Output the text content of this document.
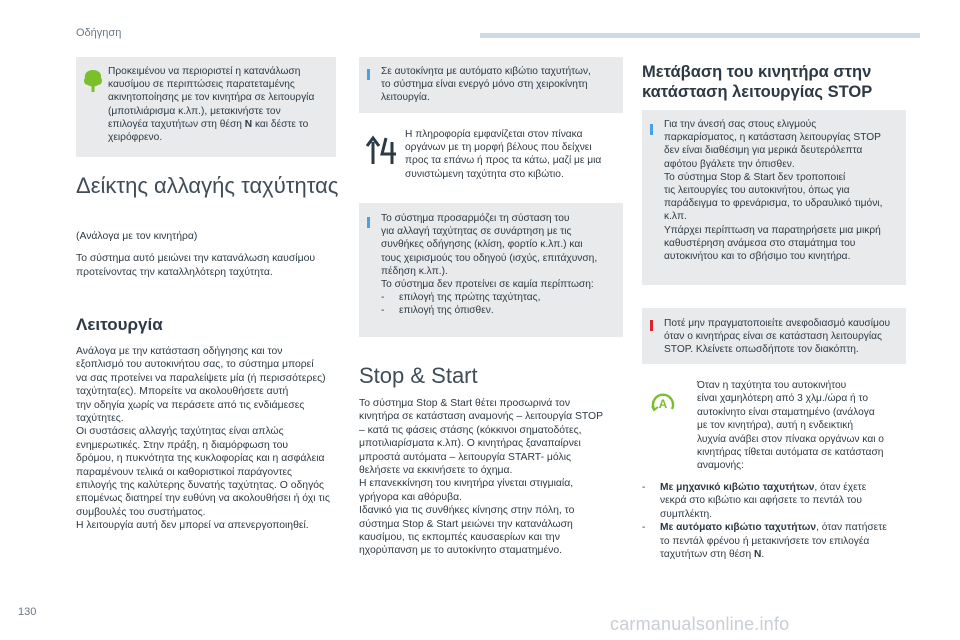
Οδήγηση
Προκειμένου να περιοριστεί η κατανάλωση
καυσίμου σε περιπτώσεις παρατεταμένης
ακινητοποίησης με τον κινητήρα σε λειτουργία
(μποτιλιάρισμα κ.λπ.), μετακινήστε τον
επιλογέα ταχυτήτων στη θέση N και δέστε το
χειρόφρενο.
Δείκτης αλλαγής ταχύτητας

(Ανάλογα με τον κινητήρα)

Το σύστημα αυτό μειώνει την κατανάλωση καυσίμου προτείνοντας την καταλληλότερη ταχύτητα.

Λειτουργία
Ανάλογα με την κατάσταση οδήγησης και τον
εξοπλισμό του αυτοκινήτου σας, το σύστημα μπορεί
να σας προτείνει να παραλείψετε μία (ή περισσότερες)
ταχύτητα(ες). Μπορείτε να ακολουθήσετε αυτή
την οδηγία χωρίς να περάσετε από τις ενδιάμεσες
ταχύτητες.
Οι συστάσεις αλλαγής ταχύτητας είναι απλώς
ενημερωτικές. Στην πράξη, η διαμόρφωση του
δρόμου, η πυκνότητα της κυκλοφορίας και η ασφάλεια
παραμένουν τελικά οι καθοριστικοί παράγοντες
επιλογής της καλύτερης δυνατής ταχύτητας. Ο οδηγός
επομένως διατηρεί την ευθύνη να ακολουθήσει ή όχι τις
συμβουλές του συστήματος.
Η λειτουργία αυτή δεν μπορεί να απενεργοποιηθεί.
Σε αυτοκίνητα με αυτόματο κιβώτιο ταχυτήτων,
το σύστημα είναι ενεργό μόνο στη χειροκίνητη
λειτουργία.
Η πληροφορία εμφανίζεται στον πίνακα
οργάνων με τη μορφή βέλους που δείχνει
προς τα επάνω ή προς τα κάτω, μαζί με μια
συνιστώμενη ταχύτητα στο κιβώτιο.
Το σύστημα προσαρμόζει τη σύσταση του
για αλλαγή ταχύτητας σε συνάρτηση με τις
συνθήκες οδήγησης (κλίση, φορτίο κ.λπ.) και
τους χειρισμούς του οδηγού (ισχύς, επιτάχυνση,
πέδηση κ.λπ.).
Το σύστημα δεν προτείνει σε καμία περίπτωση:
-	επιλογή της πρώτης ταχύτητας,
-	επιλογή της όπισθεν.
Stop & Start
Το σύστημα Stop & Start θέτει προσωρινά τον
κινητήρα σε κατάσταση αναμονής – λειτουργία STOP
– κατά τις φάσεις στάσης (κόκκινοι σηματοδότες,
μποτιλιαρίσματα κ.λπ). Ο κινητήρας ξαναπαίρνει
μπροστά αυτόματα – λειτουργία START- μόλις
θελήσετε να εκκινήσετε το όχημα.
Η επανεκκίνηση του κινητήρα γίνεται στιγμιαία,
γρήγορα και αθόρυβα.
Ιδανικό για τις συνθήκες κίνησης στην πόλη, το
σύστημα Stop & Start μειώνει την κατανάλωση
καυσίμου, τις εκπομπές καυσαερίων και την
ηχορύπανση με το αυτοκίνητο σταματημένο.
Μετάβαση του κινητήρα στην
κατάσταση λειτουργίας STOP
Για την άνεσή σας στους ελιγμούς
παρκαρίσματος, η κατάσταση λειτουργίας STOP
δεν είναι διαθέσιμη για μερικά δευτερόλεπτα
αφότου βγάλετε την όπισθεν.
Το σύστημα Stop & Start δεν τροποποιεί
τις λειτουργίες του αυτοκινήτου, όπως για
παράδειγμα το φρενάρισμα, το υδραυλικό τιμόνι,
κ.λπ.
Υπάρχει περίπτωση να παρατηρήσετε μια μικρή
καθυστέρηση ανάμεσα στο σταμάτημα του
αυτοκινήτου και το σβήσιμο του κινητήρα.
Ποτέ μην πραγματοποιείτε ανεφοδιασμό καυσίμου
όταν ο κινητήρας είναι σε κατάσταση λειτουργίας
STOP. Κλείνετε οπωσδήποτε τον διακόπτη.
A
Όταν η ταχύτητα του αυτοκινήτου
είναι χαμηλότερη από 3 χλμ./ώρα ή το
αυτοκίνητο είναι σταματημένο (ανάλογα
με τον κινητήρα), αυτή η ενδεικτική
λυχνία ανάβει στον πίνακα οργάνων και ο
κινητήρας τίθεται αυτόματα σε κατάσταση
αναμονής:
-	Με μηχανικό κιβώτιο ταχυτήτων, όταν έχετε
νεκρά στο κιβώτιο και αφήσετε το πεντάλ του
συμπλέκτη.
-	Με αυτόματο κιβώτιο ταχυτήτων, όταν πατήσετε
το πεντάλ φρένου ή μετακινήσετε τον επιλογέα
ταχυτήτων στη θέση N.
130
carmanualsonline.info
